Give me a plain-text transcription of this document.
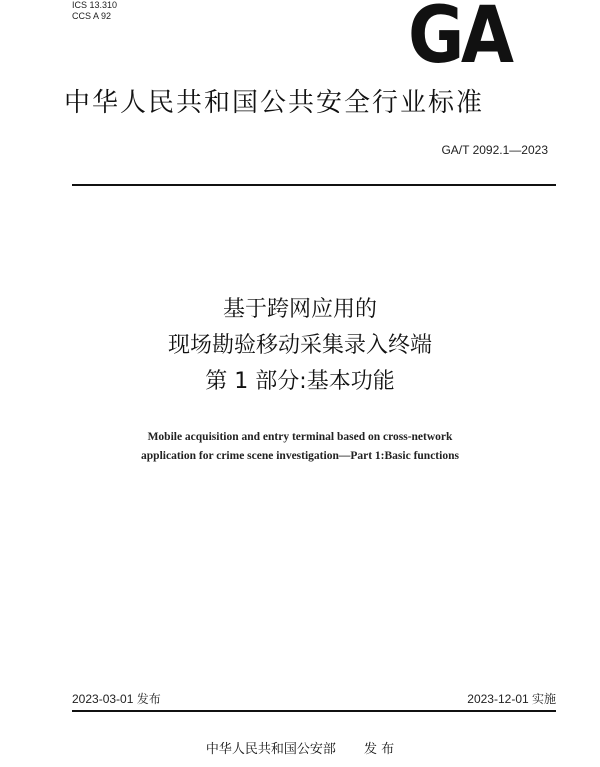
ICS 13.310
CCS A 92	GA
中华人民共和国公共安全行业标准
GA/T 2092.1—2023
基于跨网应用的
现场勘验移动采集录入终端
第 1 部分:基本功能
Mobile acquisition and entry terminal based on cross-network
application for crime scene investigation—Part 1:Basic functions
2023-03-01 发布	2023-12-01 实施
中华人民共和国公安部 发 布
